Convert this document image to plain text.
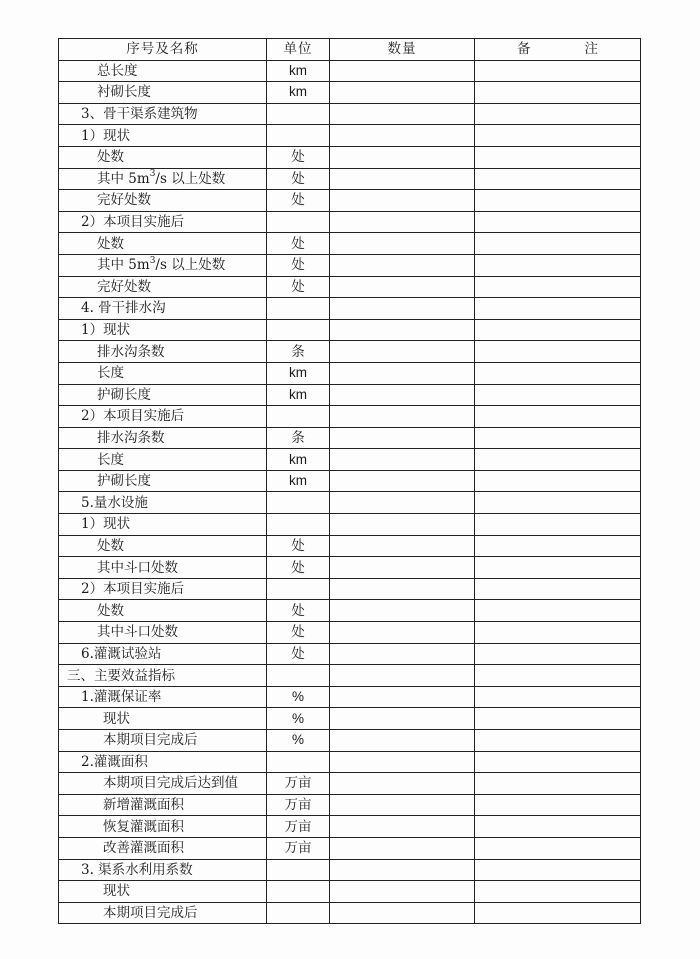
序号及名称	单位	数量	备 注
总长度	km		
衬砌长度	km		
3、骨干渠系建筑物			
1）现状			
处数	处		
其中 $5m^3/s$ 以上处数	处		
完好处数	处		
2）本项目实施后			
处数	处		
其中 $5m^3/s$ 以上处数	处		
完好处数	处		
4. 骨干排水沟			
1）现状			
排水沟条数	条		
长度	km		
护砌长度	km		
2）本项目实施后			
排水沟条数	条		
长度	km		
护砌长度	km		
5.量水设施			
1）现状			
处数	处		
其中斗口处数	处		
2）本项目实施后			
处数	处		
其中斗口处数	处		
6.灌溉试验站	处		
三、主要效益指标			
1.灌溉保证率	%		
现状	%		
本期项目完成后	%		
2.灌溉面积			
本期项目完成后达到值	万亩		
新增灌溉面积	万亩		
恢复灌溉面积	万亩		
改善灌溉面积	万亩		
3. 渠系水利用系数			
现状			
本期项目完成后			
